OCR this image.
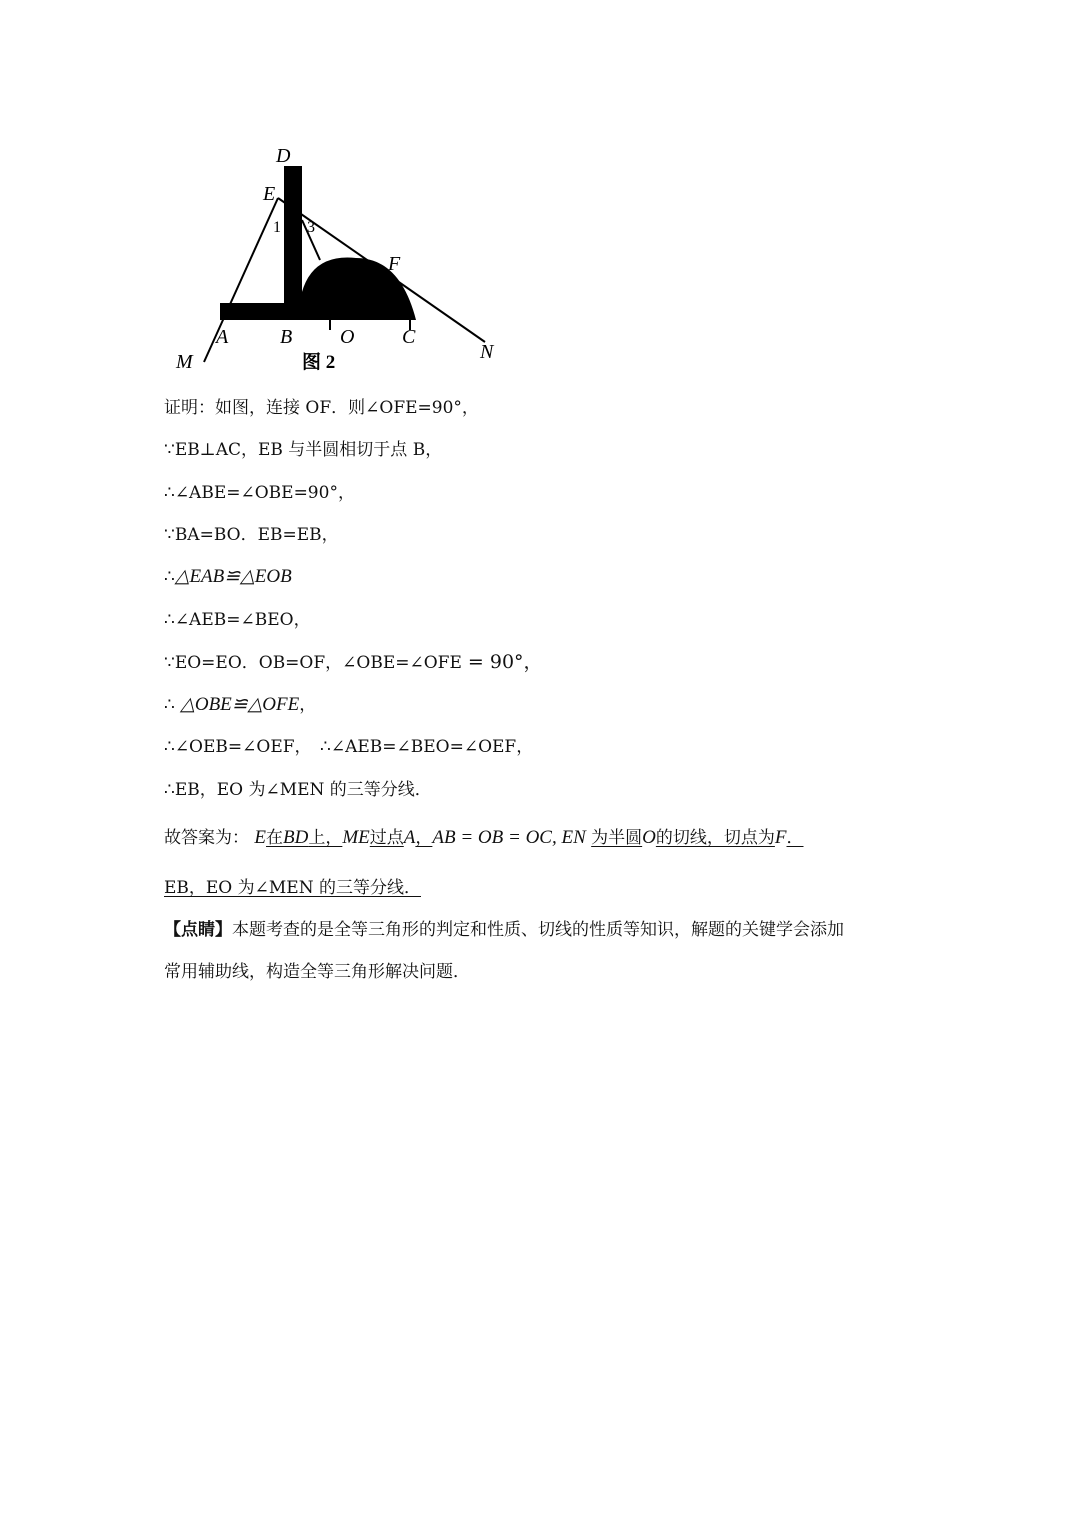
D
E
1 3
F
A	B O C
M	N
图 2
证明：如图，连接 OF．则∠OFE=90°，
∵EB⊥AC，EB 与半圆相切于点 B，
∴∠ABE=∠OBE=90°，
∵BA=BO．EB=EB，
∴△EAB≌△EOB
∴∠AEB=∠BEO，
∵EO=EO．OB=OF，∠OBE=∠OFE = 90°，
∴ △OBE≌△OFE，
∴∠OEB=∠OEF，　∴∠AEB=∠BEO=∠OEF，
∴EB，EO 为∠MEN 的三等分线．
故答案为： E在BD上，ME过点A，AB = OB = OC, EN 为半圆O的切线，切点为F．
EB，EO 为∠MEN 的三等分线．
【点睛】本题考查的是全等三角形的判定和性质、切线的性质等知识，解题的关键学会添加
常用辅助线，构造全等三角形解决问题．
